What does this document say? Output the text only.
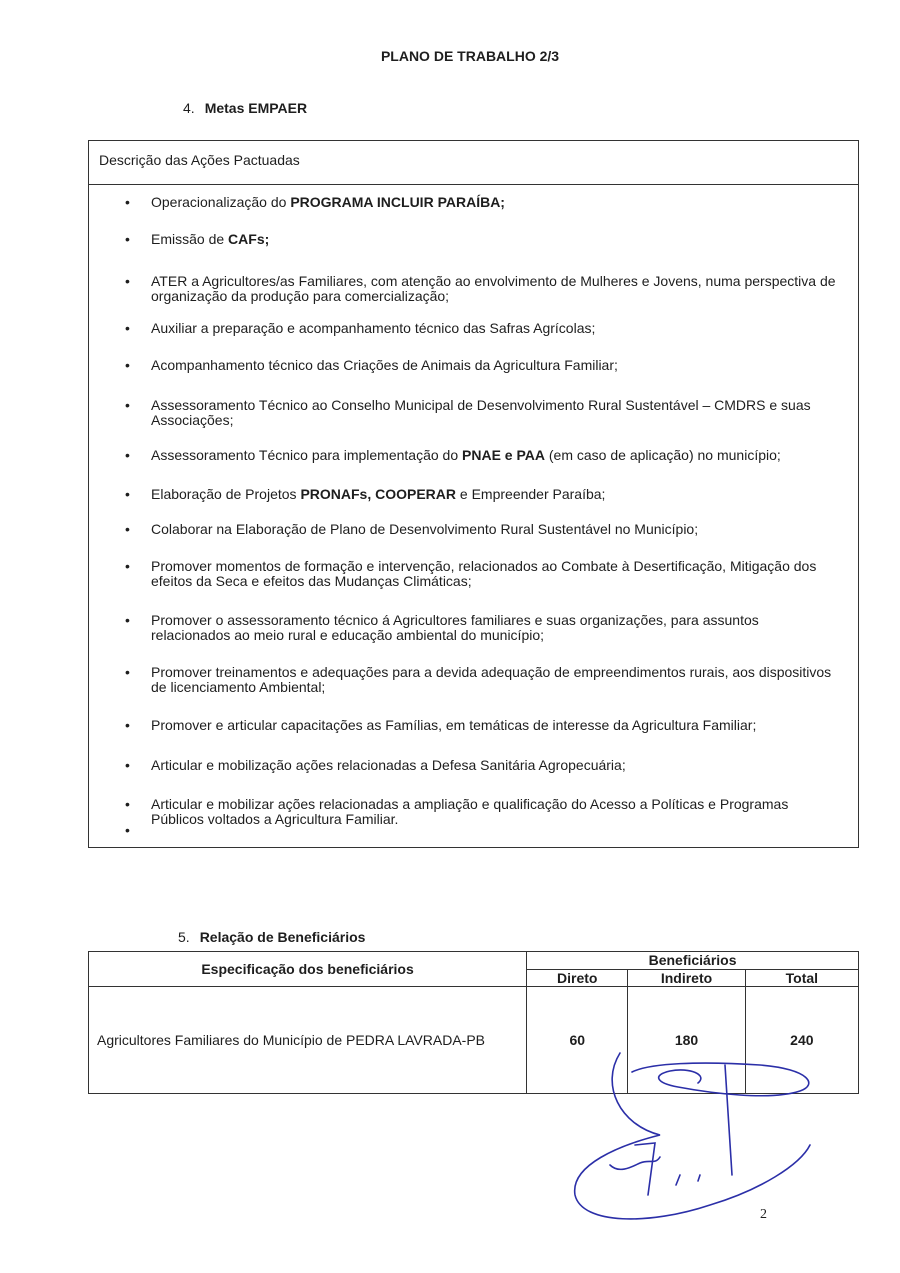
PLANO DE TRABALHO 2/3
4. Metas EMPAER
Descrição das Ações Pactuadas
• Operacionalização do PROGRAMA INCLUIR PARAÍBA;
• Emissão de CAFs;
• ATER a Agricultores/as Familiares, com atenção ao envolvimento de Mulheres e Jovens, numa perspectiva de organização da produção para comercialização;
• Auxiliar a preparação e acompanhamento técnico das Safras Agrícolas;
• Acompanhamento técnico das Criações de Animais da Agricultura Familiar;
• Assessoramento Técnico ao Conselho Municipal de Desenvolvimento Rural Sustentável – CMDRS e suas Associações;
• Assessoramento Técnico para implementação do PNAE e PAA (em caso de aplicação) no município;
• Elaboração de Projetos PRONAFs, COOPERAR e Empreender Paraíba;
• Colaborar na Elaboração de Plano de Desenvolvimento Rural Sustentável no Município;
• Promover momentos de formação e intervenção, relacionados ao Combate à Desertificação, Mitigação dos efeitos da Seca e efeitos das Mudanças Climáticas;
• Promover o assessoramento técnico á Agricultores familiares e suas organizações, para assuntos relacionados ao meio rural e educação ambiental do município;
• Promover treinamentos e adequações para a devida adequação de empreendimentos rurais, aos dispositivos de licenciamento Ambiental;
• Promover e articular capacitações as Famílias, em temáticas de interesse da Agricultura Familiar;
• Articular e mobilização ações relacionadas a Defesa Sanitária Agropecuária;
• Articular e mobilizar ações relacionadas a ampliação e qualificação do Acesso a Políticas e Programas Públicos voltados a Agricultura Familiar.
5. Relação de Beneficiários
Especificação dos beneficiários	Beneficiários		
	Direto	Indireto	Total
Agricultores Familiares do Município de PEDRA LAVRADA-PB	60	180	240
2
